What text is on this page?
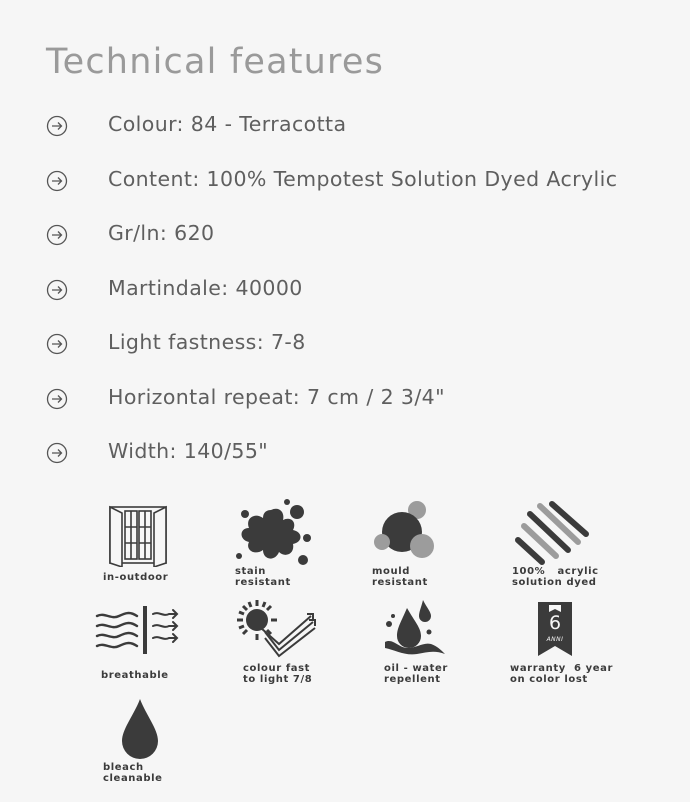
Technical features
Colour: 84 - Terracotta
Content: 100% Tempotest Solution Dyed Acrylic
Gr/ln: 620
Martindale: 40000
Light fastness: 7-8
Horizontal repeat: 7 cm / 2 3/4"
Width: 140/55"
in-outdoor
stain
resistant
mould
resistant
100%   acrylic
solution dyed
breathable
colour fast
to light 7/8
oil - water
repellent
6
ANNI
warranty  6 year
on color lost
bleach
cleanable
